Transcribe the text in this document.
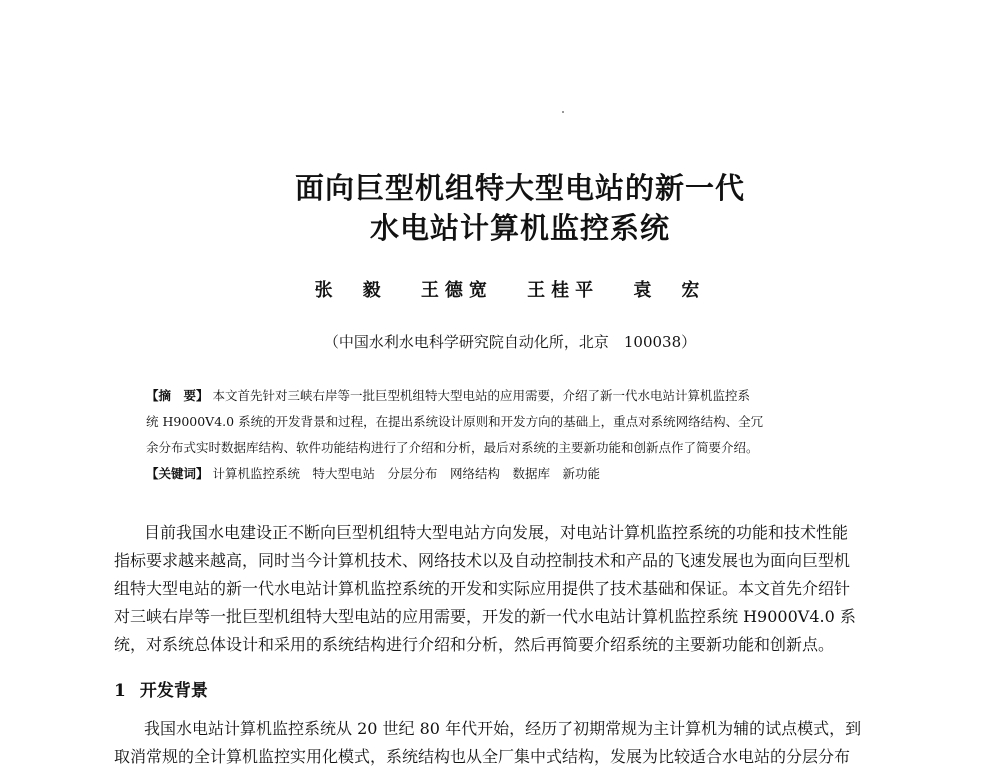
面向巨型机组特大型电站的新一代
水电站计算机监控系统
张　毅 王德宽 王桂平 袁　宏
（中国水利水电科学研究院自动化所，北京　100038）
【摘　要】 本文首先针对三峡右岸等一批巨型机组特大型电站的应用需要，介绍了新一代水电站计算机监控系
统 H9000V4.0 系统的开发背景和过程，在提出系统设计原则和开发方向的基础上，重点对系统网络结构、全冗
余分布式实时数据库结构、软件功能结构进行了介绍和分析，最后对系统的主要新功能和创新点作了简要介绍。
【关键词】 计算机监控系统　特大型电站　分层分布　网络结构　数据库　新功能
目前我国水电建设正不断向巨型机组特大型电站方向发展，对电站计算机监控系统的功能和技术性能
指标要求越来越高，同时当今计算机技术、网络技术以及自动控制技术和产品的飞速发展也为面向巨型机
组特大型电站的新一代水电站计算机监控系统的开发和实际应用提供了技术基础和保证。本文首先介绍针
对三峡右岸等一批巨型机组特大型电站的应用需要，开发的新一代水电站计算机监控系统 H9000V4.0 系
统，对系统总体设计和采用的系统结构进行介绍和分析，然后再简要介绍系统的主要新功能和创新点。
1 开发背景
我国水电站计算机监控系统从 20 世纪 80 年代开始，经历了初期常规为主计算机为辅的试点模式，到
取消常规的全计算机监控实用化模式，系统结构也从全厂集中式结构，发展为比较适合水电站的分层分布
